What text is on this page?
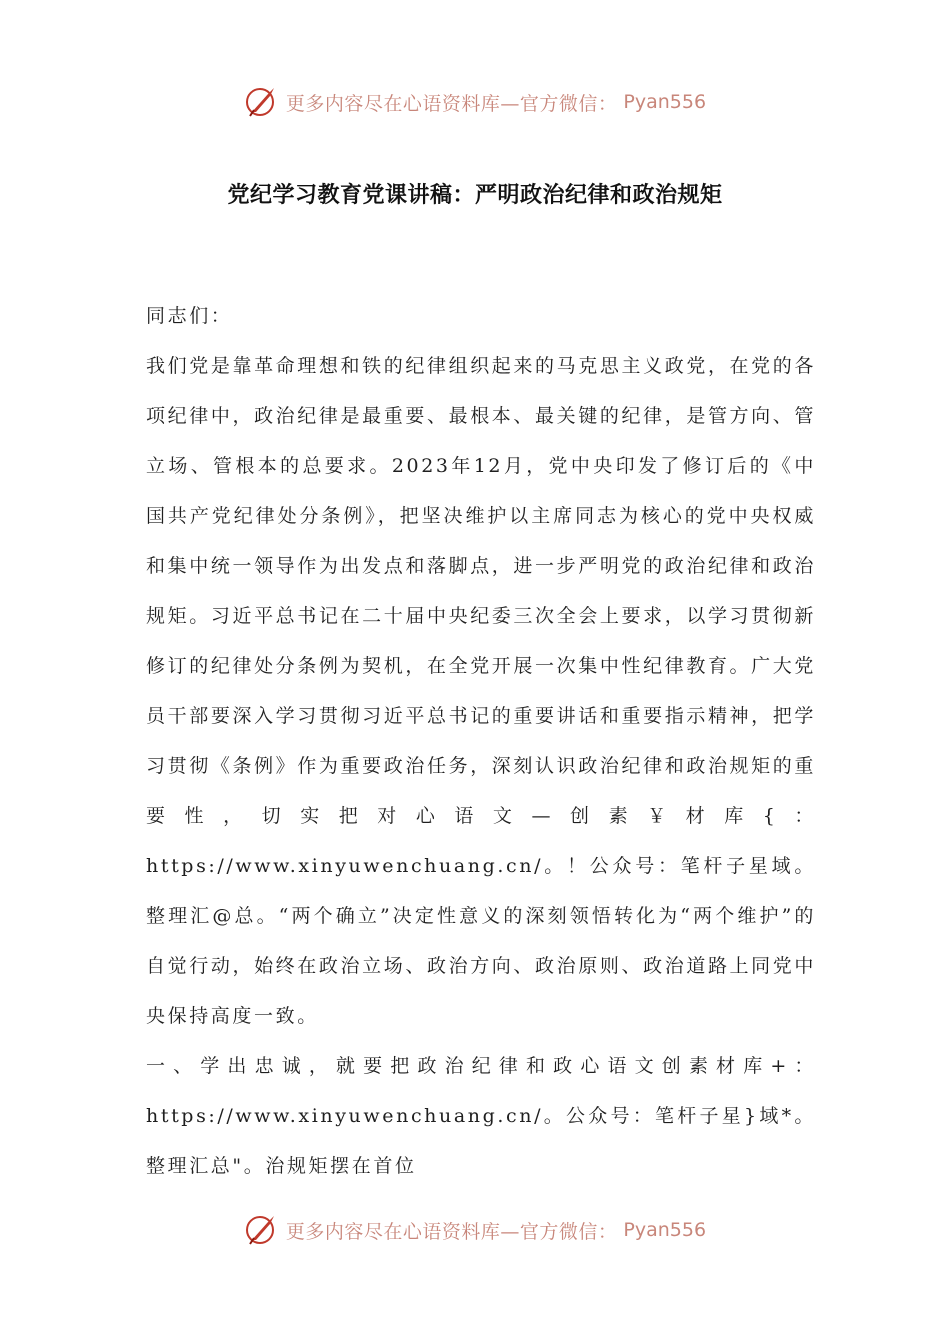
更多内容尽在心语资料库—官方微信： Pyan556
党纪学习教育党课讲稿：严明政治纪律和政治规矩

同志们：

我们党是靠革命理想和铁的纪律组织起来的马克思主义政党，在党的各项纪律中，政治纪律是最重要、最根本、最关键的纪律，是管方向、管立场、管根本的总要求。2023年12月，党中央印发了修订后的《中国共产党纪律处分条例》，把坚决维护以主席同志为核心的党中央权威和集中统一领导作为出发点和落脚点，进一步严明党的政治纪律和政治规矩。习近平总书记在二十届中央纪委三次全会上要求，以学习贯彻新修订的纪律处分条例为契机，在全党开展一次集中性纪律教育。广大党员干部要深入学习贯彻习近平总书记的重要讲话和重要指示精神，把学习贯彻《条例》作为重要政治任务，深刻认识政治纪律和政治规矩的重要性，切实把对心语文—创素￥材库{：https://www.xinyuwenchuang.cn/。！公众号：笔杆子星域。整理汇@总。“两个确立”决定性意义的深刻领悟转化为“两个维护”的自觉行动，始终在政治立场、政治方向、政治原则、政治道路上同党中央保持高度一致。

一、学出忠诚，就要把政治纪律和政心语文创素材库+：https://www.xinyuwenchuang.cn/。公众号：笔杆子星}域*。整理汇总"。治规矩摆在首位

更多内容尽在心语资料库—官方微信： Pyan556
